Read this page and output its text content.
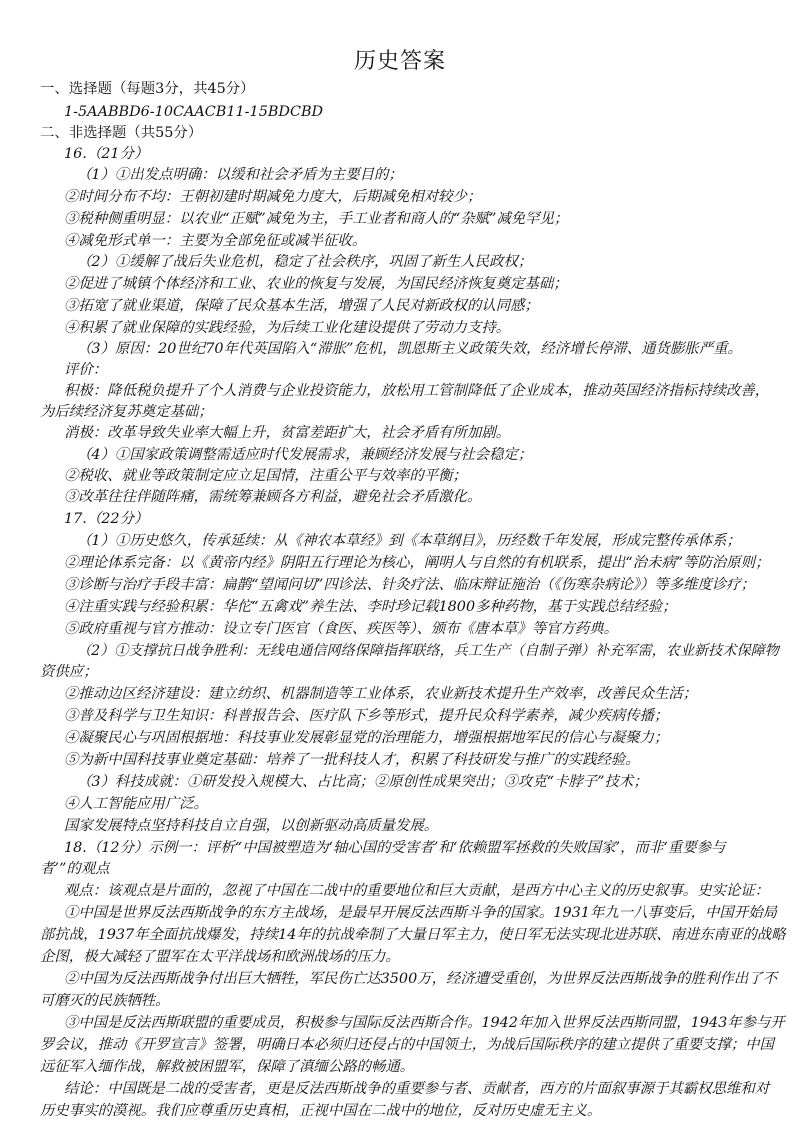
历史答案
一、选择题（每题3分，共45分）
1-5AABBD6-10CAACB11-15BDCBD
二、非选择题（共55分）
16.（21分）
（1）①出发点明确：以缓和社会矛盾为主要目的；
②时间分布不均：王朝初建时期减免力度大，后期减免相对较少；
③税种侧重明显：以农业“正赋”减免为主，手工业者和商人的“杂赋”减免罕见；
④减免形式单一：主要为全部免征或减半征收。
（2）①缓解了战后失业危机，稳定了社会秩序，巩固了新生人民政权；
②促进了城镇个体经济和工业、农业的恢复与发展，为国民经济恢复奠定基础；
③拓宽了就业渠道，保障了民众基本生活，增强了人民对新政权的认同感；
④积累了就业保障的实践经验，为后续工业化建设提供了劳动力支持。
（3）原因：20世纪70年代英国陷入“滞胀”危机，凯恩斯主义政策失效，经济增长停滞、通货膨胀严重。
评价：
积极：降低税负提升了个人消费与企业投资能力，放松用工管制降低了企业成本，推动英国经济指标持续改善，
为后续经济复苏奠定基础；
消极：改革导致失业率大幅上升，贫富差距扩大，社会矛盾有所加剧。
（4）①国家政策调整需适应时代发展需求，兼顾经济发展与社会稳定；
②税收、就业等政策制定应立足国情，注重公平与效率的平衡；
③改革往往伴随阵痛，需统筹兼顾各方利益，避免社会矛盾激化。
17.（22分）
（1）①历史悠久，传承延续：从《神农本草经》到《本草纲目》，历经数千年发展，形成完整传承体系；
②理论体系完备：以《黄帝内经》阴阳五行理论为核心，阐明人与自然的有机联系，提出“治未病”等防治原则；
③诊断与治疗手段丰富：扁鹊“望闻问切”四诊法、针灸疗法、临床辩证施治（《伤寒杂病论》）等多维度诊疗；
④注重实践与经验积累：华佗“五禽戏”养生法、李时珍记载1800多种药物，基于实践总结经验；
⑤政府重视与官方推动：设立专门医官（食医、疾医等）、颁布《唐本草》等官方药典。
（2）①支撑抗日战争胜利：无线电通信网络保障指挥联络，兵工生产（自制子弹）补充军需，农业新技术保障物
资供应；
②推动边区经济建设：建立纺织、机器制造等工业体系，农业新技术提升生产效率，改善民众生活；
③普及科学与卫生知识：科普报告会、医疗队下乡等形式，提升民众科学素养，减少疾病传播；
④凝聚民心与巩固根据地：科技事业发展彰显党的治理能力，增强根据地军民的信心与凝聚力；
⑤为新中国科技事业奠定基础：培养了一批科技人才，积累了科技研发与推广的实践经验。
（3）科技成就：①研发投入规模大、占比高；②原创性成果突出；③攻克“卡脖子”技术；
④人工智能应用广泛。
国家发展特点坚持科技自立自强，以创新驱动高质量发展。
18.（12分）示例一：评析“中国被塑造为‘轴心国的受害者’和‘依赖盟军拯救的失败国家’，而非‘重要参与
者’”的观点
观点：该观点是片面的，忽视了中国在二战中的重要地位和巨大贡献，是西方中心主义的历史叙事。史实论证：
①中国是世界反法西斯战争的东方主战场，是最早开展反法西斯斗争的国家。1931年九一八事变后，中国开始局
部抗战，1937年全面抗战爆发，持续14年的抗战牵制了大量日军主力，使日军无法实现北进苏联、南进东南亚的战略
企图，极大减轻了盟军在太平洋战场和欧洲战场的压力。
②中国为反法西斯战争付出巨大牺牲，军民伤亡达3500万，经济遭受重创，为世界反法西斯战争的胜利作出了不
可磨灭的民族牺牲。
③中国是反法西斯联盟的重要成员，积极参与国际反法西斯合作。1942年加入世界反法西斯同盟，1943年参与开
罗会议，推动《开罗宣言》签署，明确日本必须归还侵占的中国领土，为战后国际秩序的建立提供了重要支撑；中国
远征军入缅作战，解救被困盟军，保障了滇缅公路的畅通。
结论：中国既是二战的受害者，更是反法西斯战争的重要参与者、贡献者，西方的片面叙事源于其霸权思维和对
历史事实的漠视。我们应尊重历史真相，正视中国在二战中的地位，反对历史虚无主义。
